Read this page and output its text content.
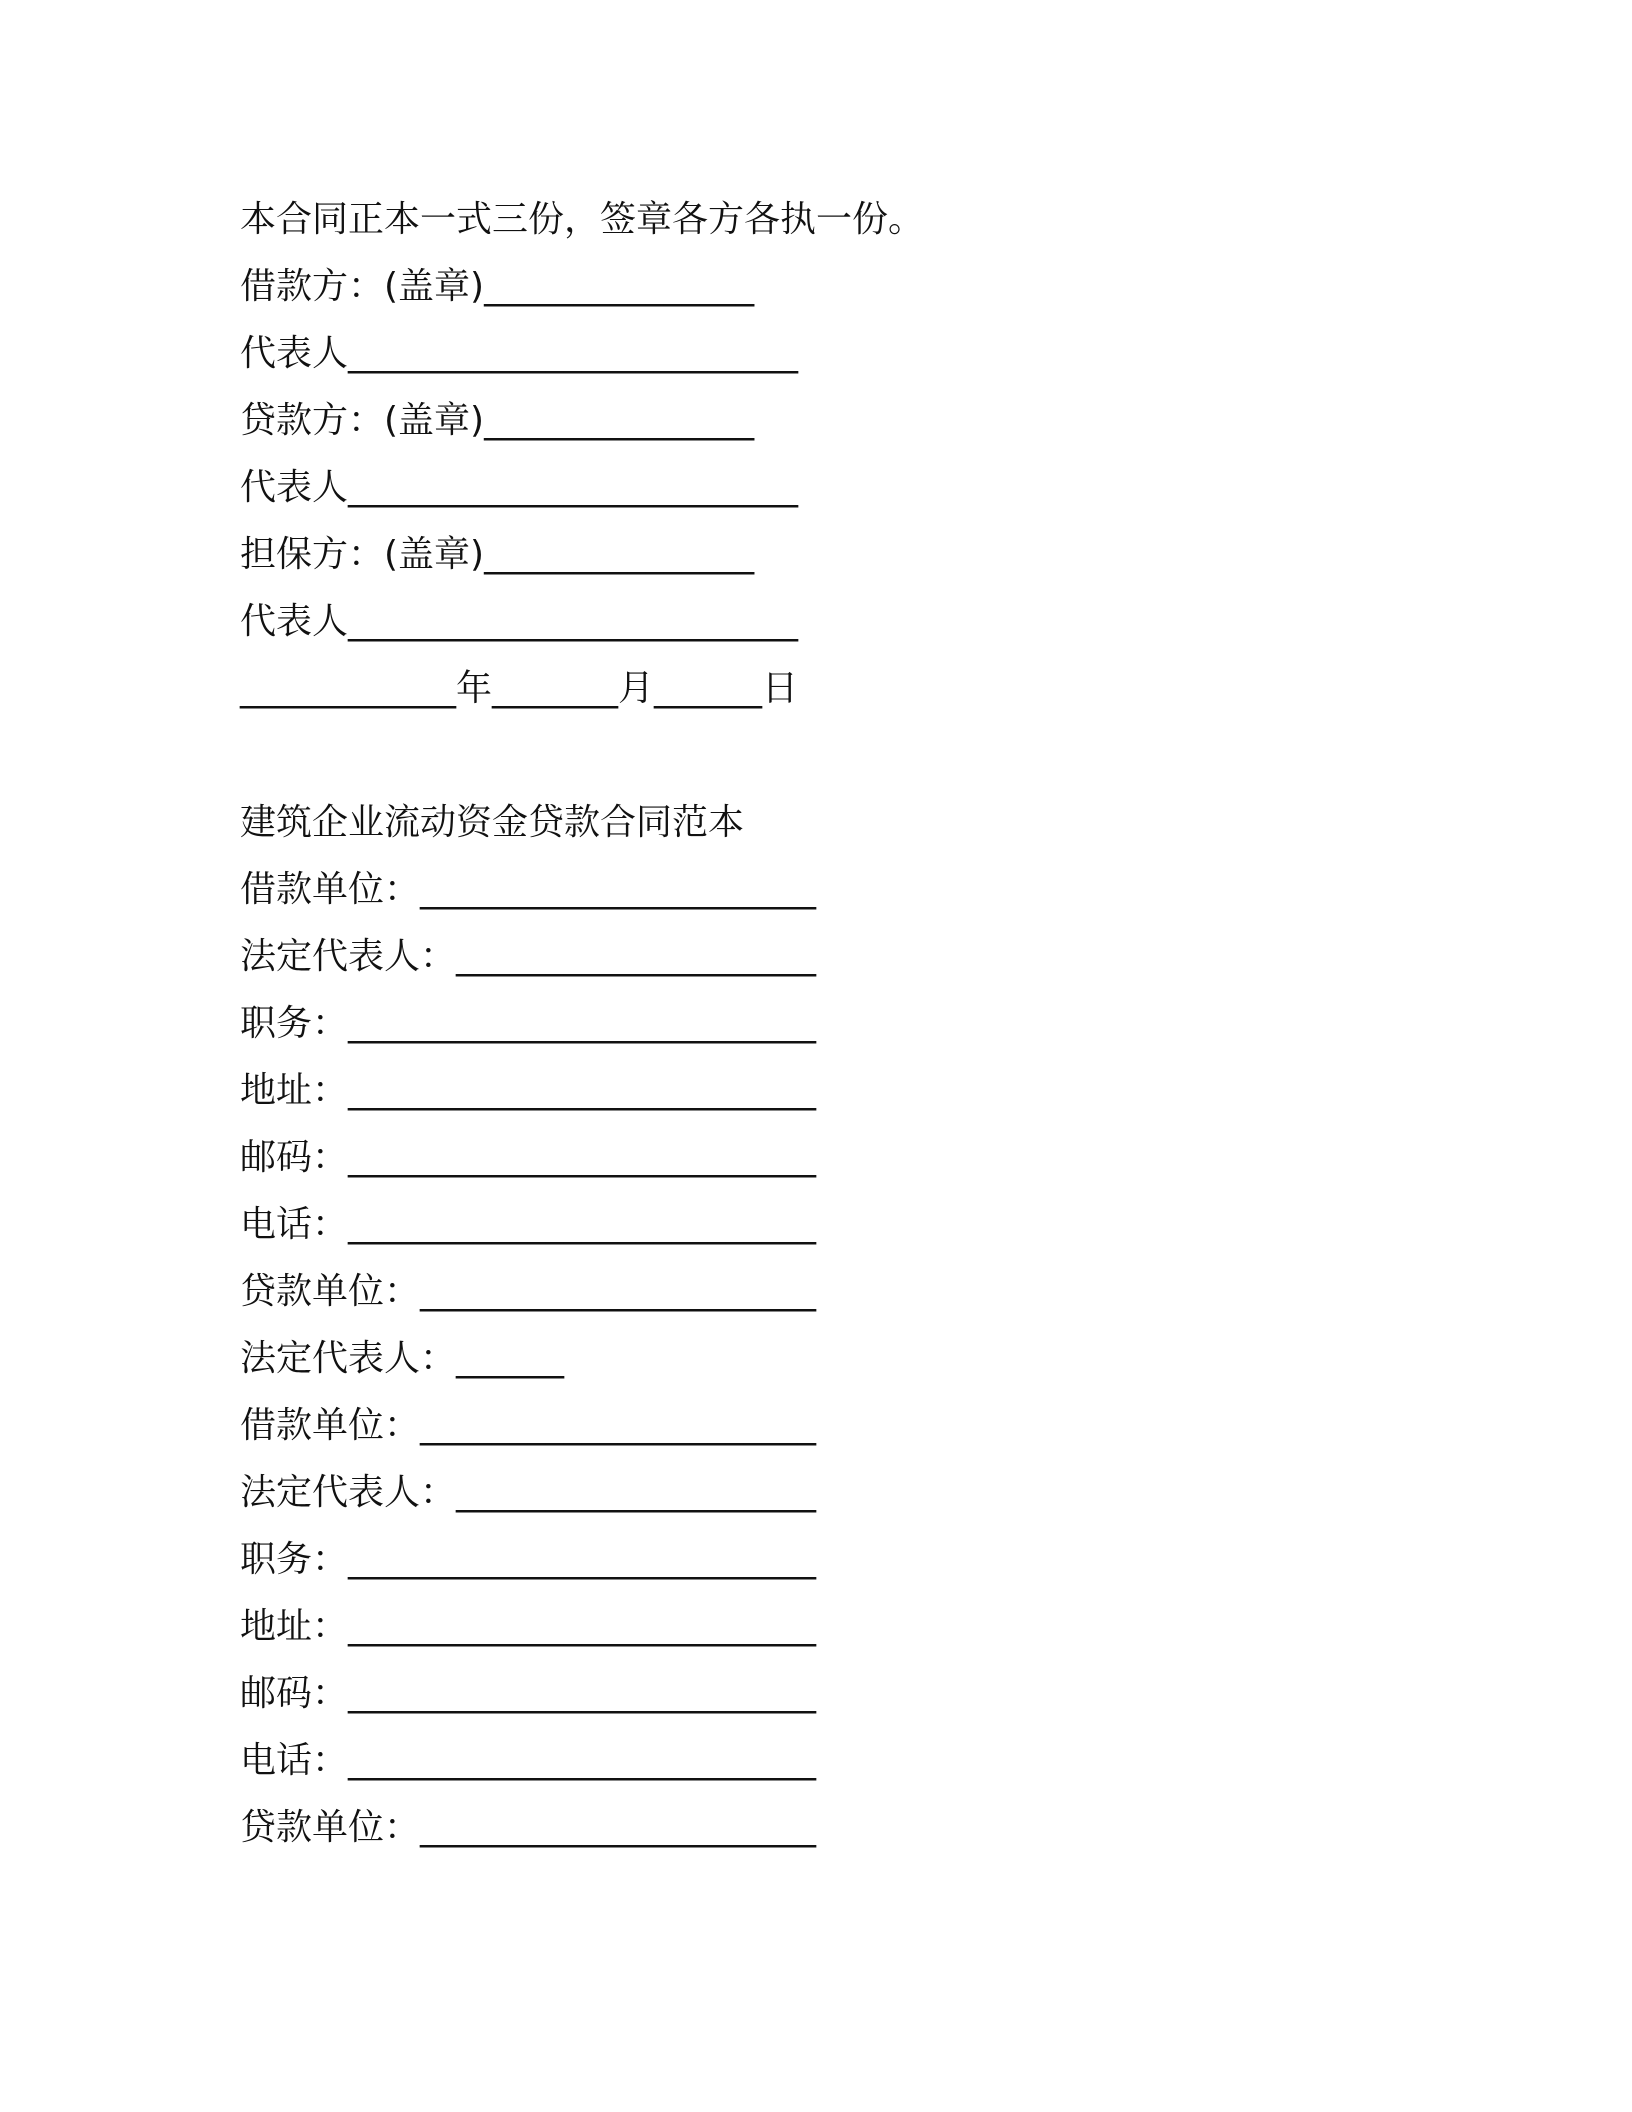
本合同正本一式三份，签章各方各执一份。
借款方：(盖章)_______________
代表人_________________________
贷款方：(盖章)_______________
代表人_________________________
担保方：(盖章)_______________
代表人_________________________
____________年_______月______日
建筑企业流动资金贷款合同范本
借款单位：______________________
法定代表人：____________________
职务：__________________________
地址：__________________________
邮码：__________________________
电话：__________________________
贷款单位：______________________
法定代表人：______
借款单位：______________________
法定代表人：____________________
职务：__________________________
地址：__________________________
邮码：__________________________
电话：__________________________
贷款单位：______________________
